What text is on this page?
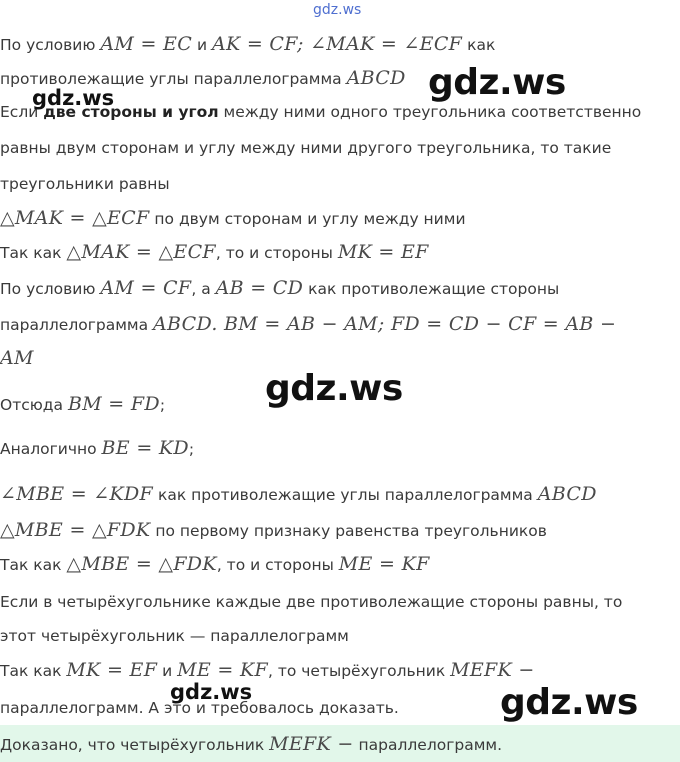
По условию AM = EC и AK = CF; ∠MAK = ∠ECF как
противолежащие углы параллелограмма ABCD
Если две стороны и угол между ними одного треугольника соответственно
равны двум сторонам и углу между ними другого треугольника, то такие
треугольники равны
△MAK = △ECF по двум сторонам и углу между ними
Так как △MAK = △ECF, то и стороны MK = EF
По условию AM = CF, а AB = CD как противолежащие стороны
параллелограмма ABCD. BM = AB − AM; FD = CD − CF = AB −
AM
Отсюда BM = FD;
Аналогично BE = KD;
∠MBE = ∠KDF как противолежащие углы параллелограмма ABCD
△MBE = △FDK по первому признаку равенства треугольников
Так как △MBE = △FDK, то и стороны ME = KF
Если в четырёхугольнике каждые две противолежащие стороны равны, то
этот четырёхугольник — параллелограмм
Так как MK = EF и ME = KF, то четырёхугольник MEFK −
параллелограмм. А это и требовалось доказать.
Доказано, что четырёхугольник MEFK − параллелограмм.
gdz.ws
gdz.ws
gdz.ws
gdz.ws
gdz.ws	gdz.ws
